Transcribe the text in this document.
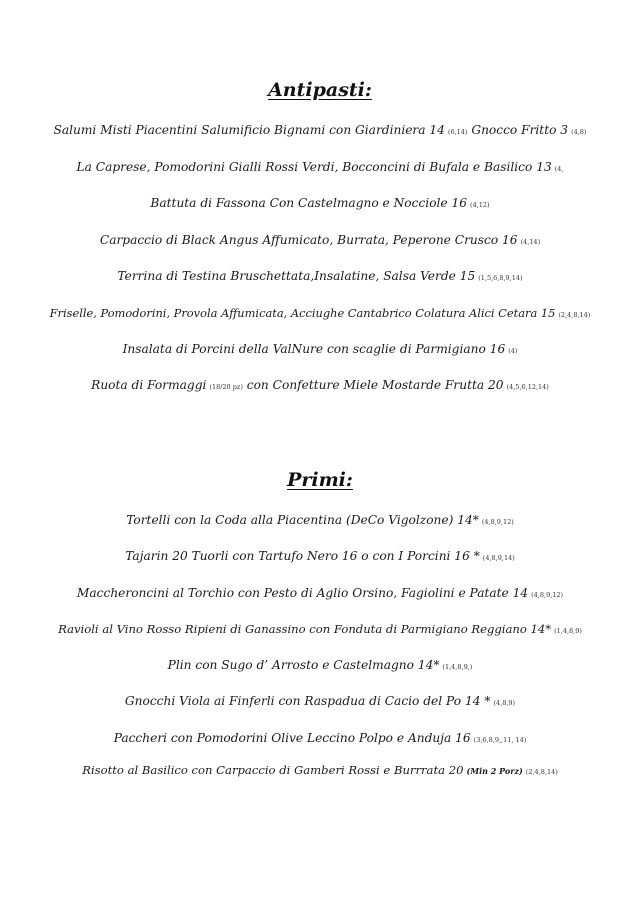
Antipasti:
Salumi Misti Piacentini Salumificio Bignami con Giardiniera 14 (6,14) Gnocco Fritto 3 (4,8)
La Caprese, Pomodorini Gialli Rossi Verdi, Bocconcini di Bufala e Basilico 13 (4,
Battuta di Fassona Con Castelmagno e Nocciole 16 (4,12)
Carpaccio di Black Angus Affumicato, Burrata, Peperone Crusco 16 (4,14)
Terrina di Testina Bruschettata,Insalatine, Salsa Verde 15 (1,5,6,8,9,14)
Friselle, Pomodorini, Provola Affumicata, Acciughe Cantabrico Colatura Alici Cetara 15 (2,4,8,14)
Insalata di Porcini della ValNure con scaglie di Parmigiano 16 (4)
Ruota di Formaggi (18/20 pz) con Confetture Miele Mostarde Frutta 20 (4,5,6,12,14)
Primi:
Tortelli con la Coda alla Piacentina (DeCo Vigolzone) 14* (4,8,9,12)
Tajarin 20 Tuorli con Tartufo Nero 16 o con I Porcini 16 * (4,8,9,14)
Maccheroncini al Torchio con Pesto di Aglio Orsino, Fagiolini e Patate 14 (4,8,9,12)
Ravioli al Vino Rosso Ripieni di Ganassino con Fonduta di Parmigiano Reggiano 14* (1,4,8,9)
Plin con Sugo d’ Arrosto e Castelmagno 14* (1,4,8,9,)
Gnocchi Viola ai Finferli con Raspadua di Cacio del Po 14 * (4,8,9)
Paccheri con Pomodorini Olive Leccino Polpo e Anduja 16 (3,6,8,9,,11, 14)
Risotto al Basilico con Carpaccio di Gamberi Rossi e Burrrata 20 (Min 2 Porz) (2,4,8,14)
